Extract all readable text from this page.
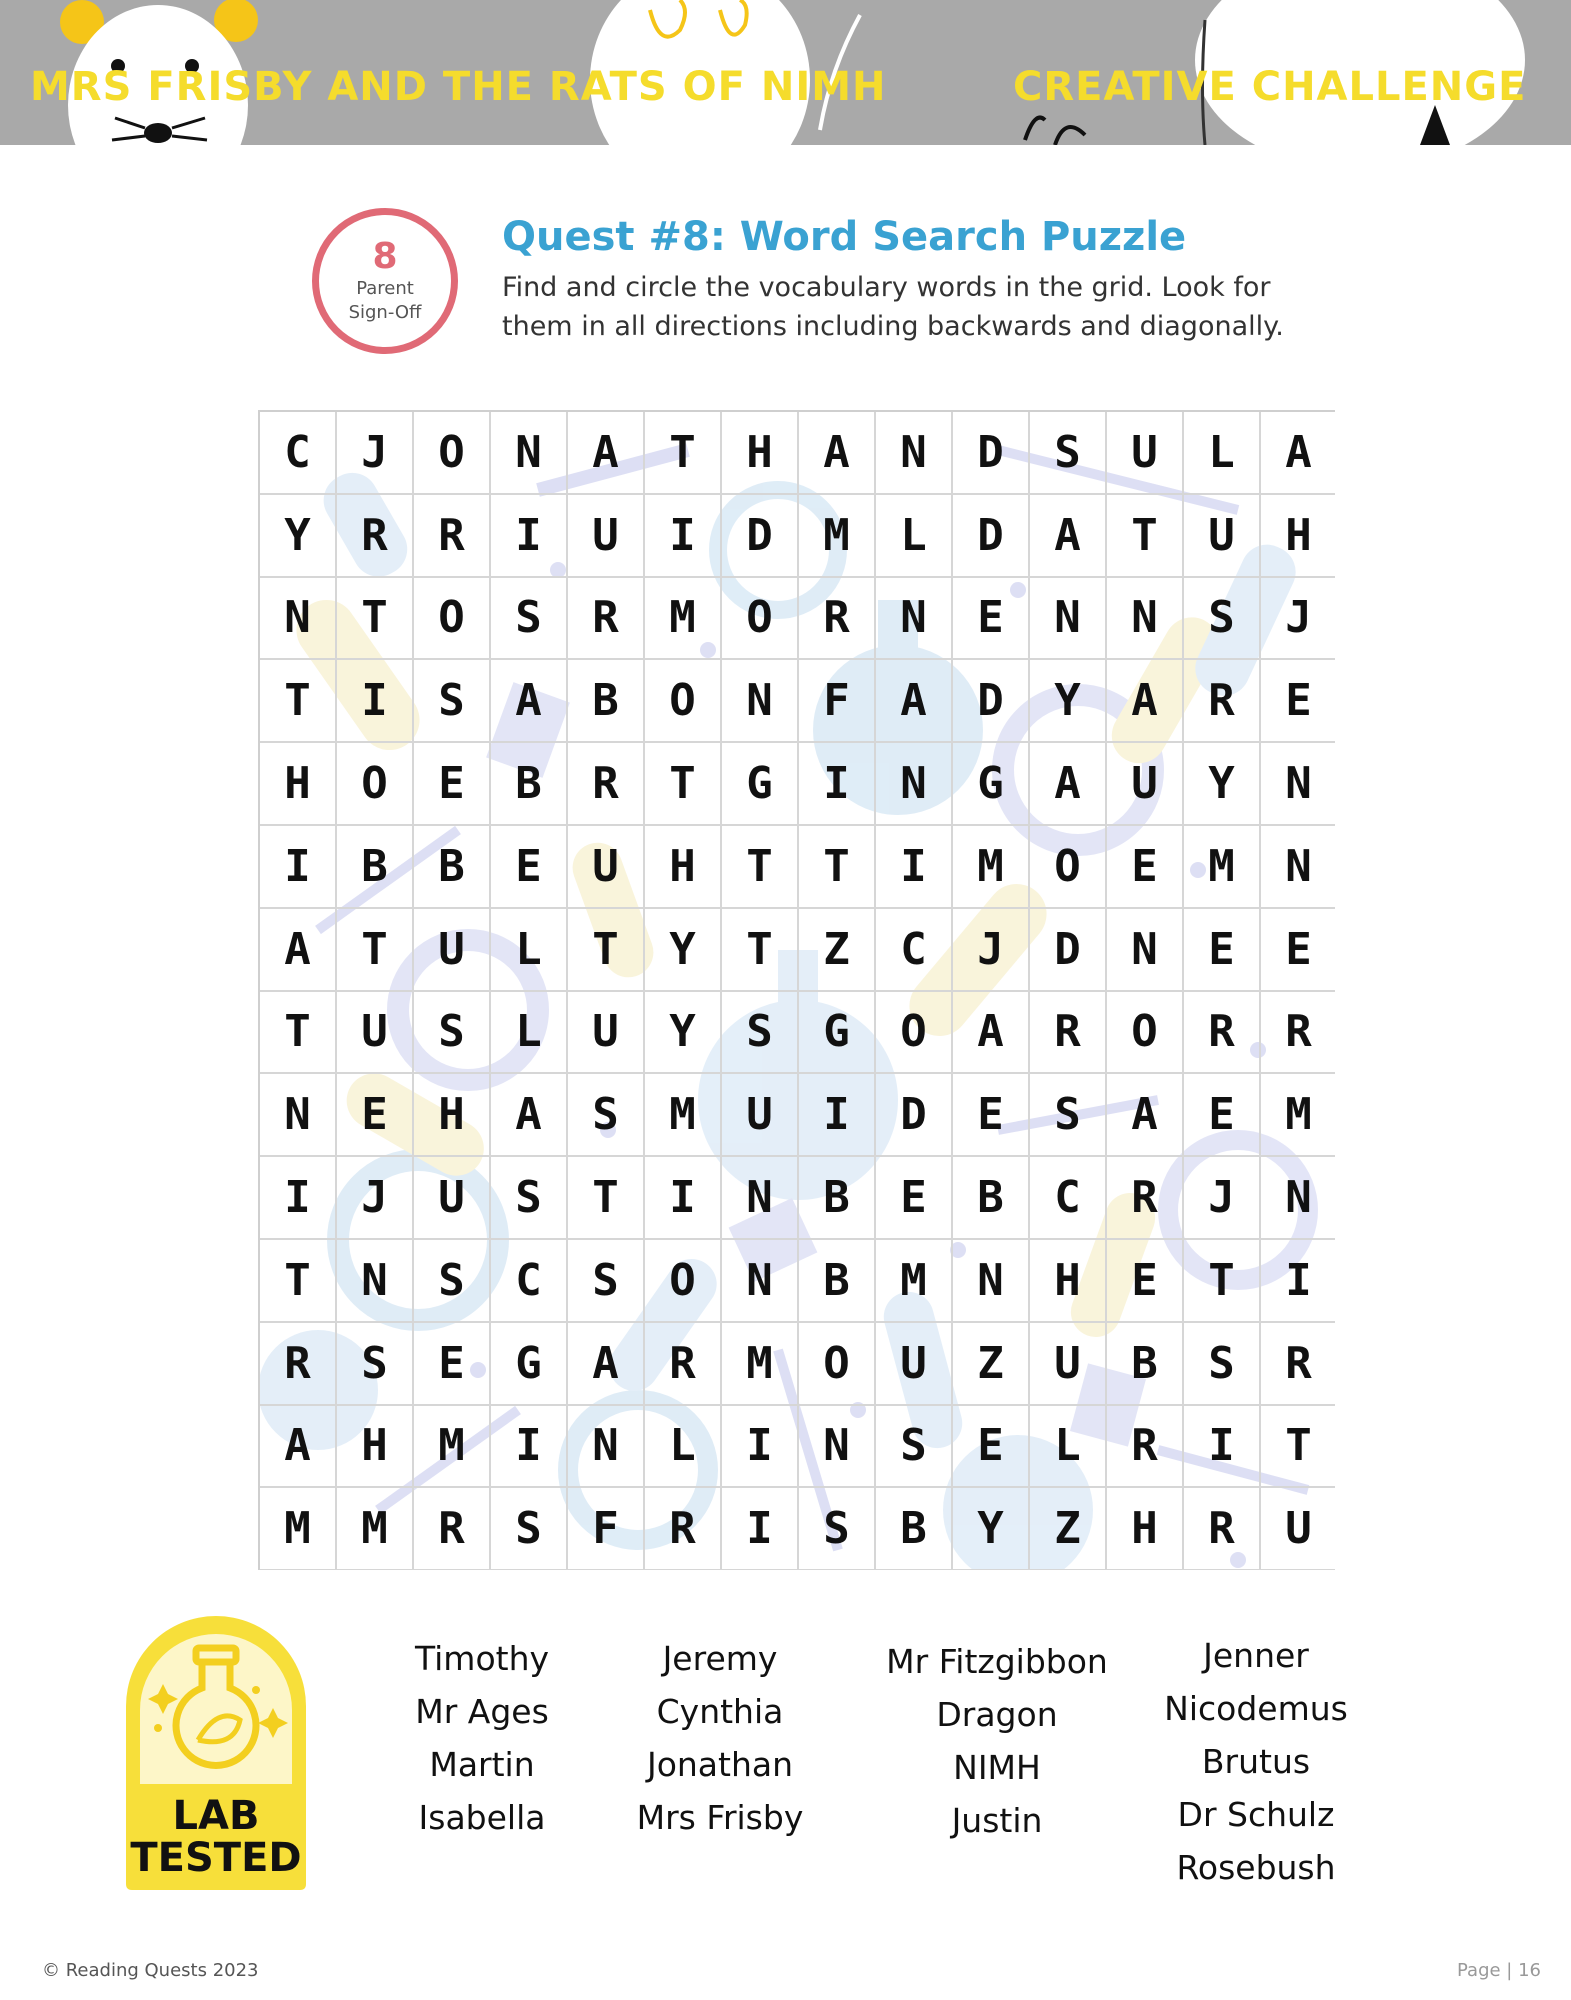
MRS FRISBY AND THE RATS OF NIMH	CREATIVE CHALLENGE
8
Parent Sign-Off
Quest #8: Word Search Puzzle
Find and circle the vocabulary words in the grid. Look for them in all directions including backwards and diagonally.
C	J	O	N	A	T	H	A	N	D	S	U	L	A
Y	R	R	I	U	I	D	M	L	D	A	T	U	H
N	T	O	S	R	M	O	R	N	E	N	N	S	J
T	I	S	A	B	O	N	F	A	D	Y	A	R	E
H	O	E	B	R	T	G	I	N	G	A	U	Y	N
I	B	B	E	U	H	T	T	I	M	O	E	M	N
A	T	U	L	T	Y	T	Z	C	J	D	N	E	E
T	U	S	L	U	Y	S	G	O	A	R	O	R	R
N	E	H	A	S	M	U	I	D	E	S	A	E	M
I	J	U	S	T	I	N	B	E	B	C	R	J	N
T	N	S	C	S	O	N	B	M	N	H	E	T	I
R	S	E	G	A	R	M	O	U	Z	U	B	S	R
A	H	M	I	N	L	I	N	S	E	L	R	I	T
M	M	R	S	F	R	I	S	B	Y	Z	H	R	U
LAB
TESTED
Timothy
Mr Ages
Martin
Isabella
Jeremy
Cynthia
Jonathan
Mrs Frisby
Mr Fitzgibbon
Dragon
NIMH
Justin
Jenner
Nicodemus
Brutus
Dr Schulz
Rosebush
© Reading Quests 2023	Page | 16
